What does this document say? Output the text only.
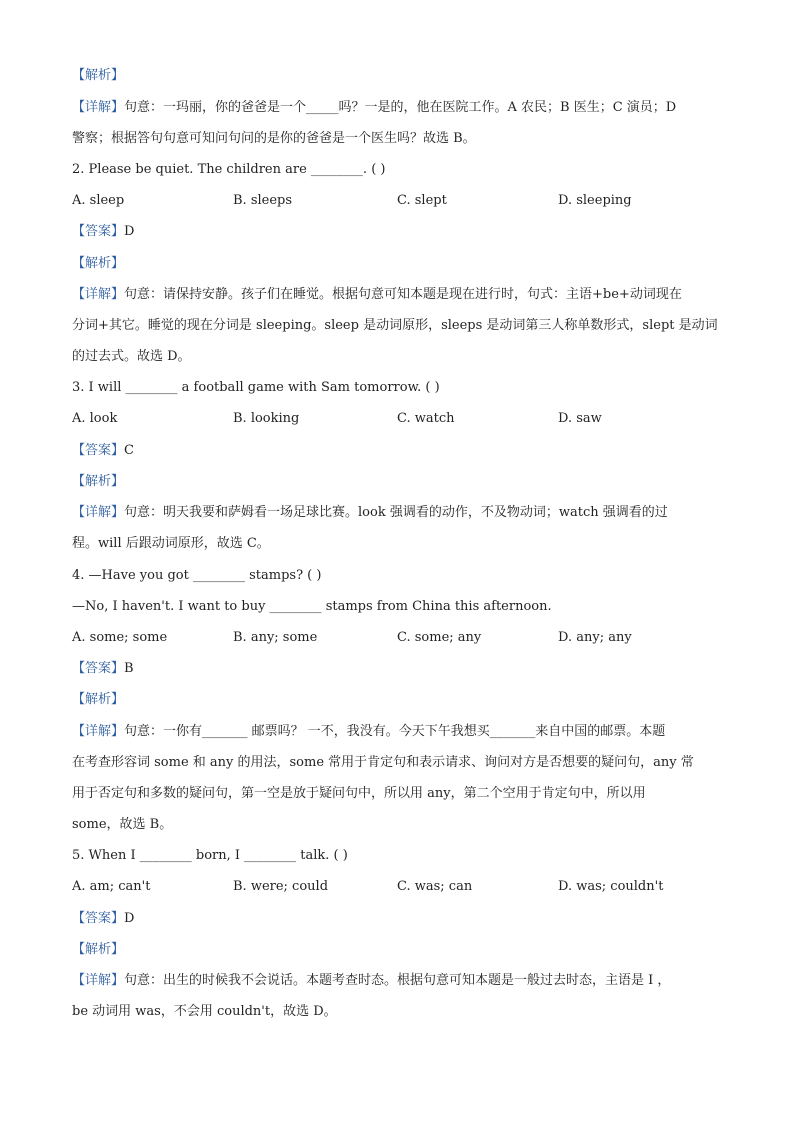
【解析】
【详解】句意：一玛丽，你的爸爸是一个_____吗？一是的，他在医院工作。A 农民；B 医生；C 演员；D
警察；根据答句句意可知问句问的是你的爸爸是一个医生吗？故选 B。
2. Please be quiet. The children are ________. ( )
A. sleep	B. sleeps	C. slept	D. sleeping
【答案】D
【解析】
【详解】句意：请保持安静。孩子们在睡觉。根据句意可知本题是现在进行时，句式：主语+be+动词现在
分词+其它。睡觉的现在分词是 sleeping。sleep 是动词原形，sleeps 是动词第三人称单数形式，slept 是动词
的过去式。故选 D。
3. I will ________ a football game with Sam tomorrow. ( )
A. look	B. looking	C. watch	D. saw
【答案】C
【解析】
【详解】句意：明天我要和萨姆看一场足球比赛。look 强调看的动作，不及物动词；watch 强调看的过
程。will 后跟动词原形，故选 C。
4. —Have you got ________ stamps? ( )
—No, I haven't. I want to buy ________ stamps from China this afternoon.
A. some; some	B. any; some	C. some; any	D. any; any
【答案】B
【解析】
【详解】句意：一你有_______ 邮票吗？ 一不，我没有。今天下午我想买_______来自中国的邮票。本题
在考查形容词 some 和 any 的用法，some 常用于肯定句和表示请求、询问对方是否想要的疑问句，any 常
用于否定句和多数的疑问句，第一空是放于疑问句中，所以用 any，第二个空用于肯定句中，所以用
some，故选 B。
5. When I ________ born, I ________ talk. ( )
A. am; can't	B. were; could	C. was; can	D. was; couldn't
【答案】D
【解析】
【详解】句意：出生的时候我不会说话。本题考查时态。根据句意可知本题是一般过去时态，主语是 I ，
be 动词用 was，不会用 couldn't，故选 D。
